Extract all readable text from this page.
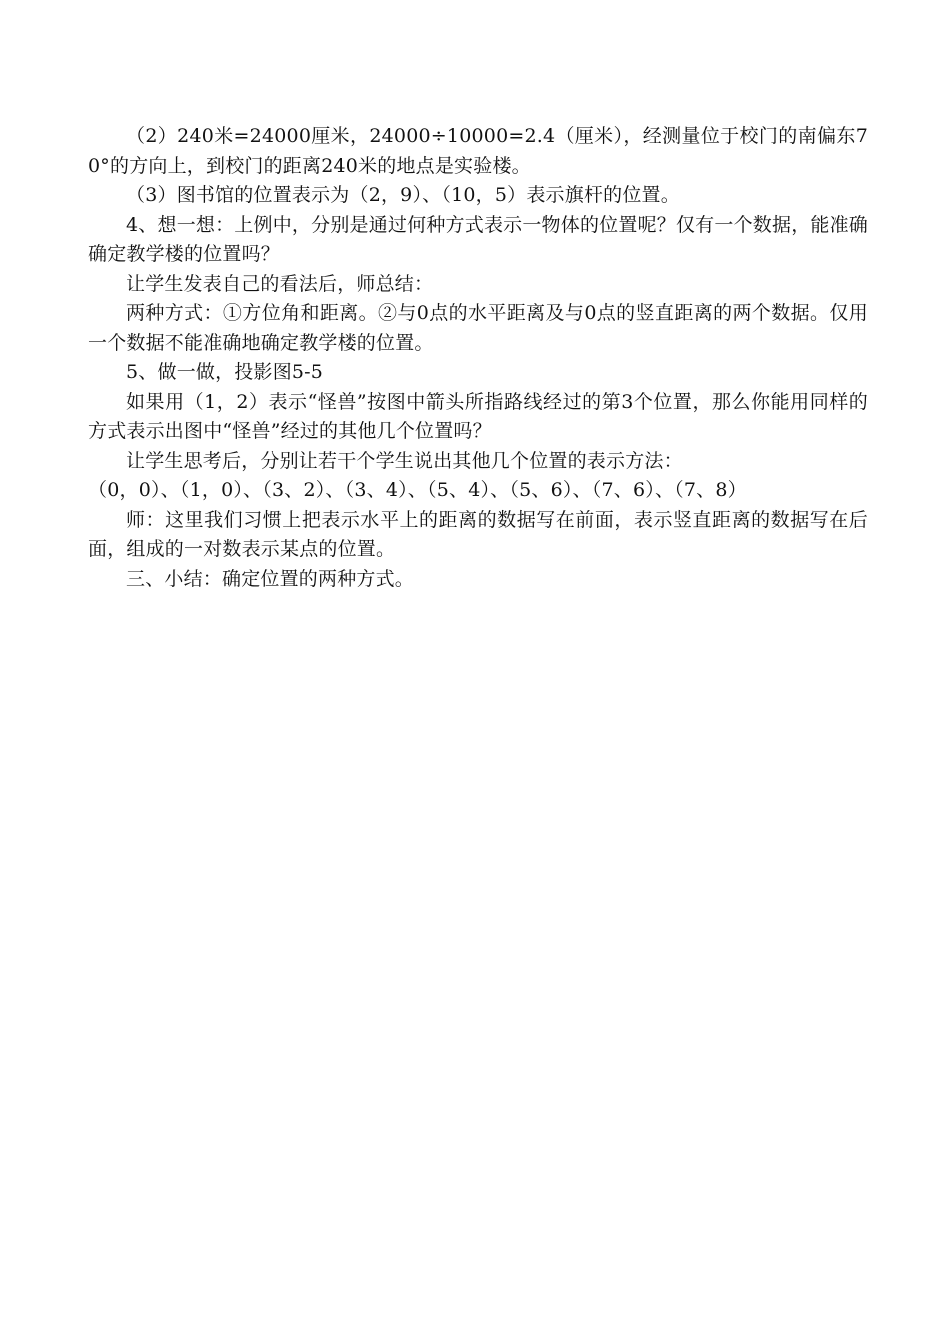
（2）240米=24000厘米，24000÷10000=2.4（厘米），经测量位于校门的南偏东70°的方向上，到校门的距离240米的地点是实验楼。

（3）图书馆的位置表示为（2，9）、（10，5）表示旗杆的位置。

4、想一想：上例中，分别是通过何种方式表示一物体的位置呢？仅有一个数据，能准确确定教学楼的位置吗？

让学生发表自己的看法后，师总结：

两种方式：①方位角和距离。②与0点的水平距离及与0点的竖直距离的两个数据。仅用一个数据不能准确地确定教学楼的位置。

5、做一做，投影图5-5

如果用（1，2）表示“怪兽”按图中箭头所指路线经过的第3个位置，那么你能用同样的方式表示出图中“怪兽”经过的其他几个位置吗？

让学生思考后，分别让若干个学生说出其他几个位置的表示方法：

（0，0）、（1，0）、（3、2）、（3、4）、（5、4）、（5、6）、（7、6）、（7、8）

师：这里我们习惯上把表示水平上的距离的数据写在前面，表示竖直距离的数据写在后面，组成的一对数表示某点的位置。

三、小结：确定位置的两种方式。
